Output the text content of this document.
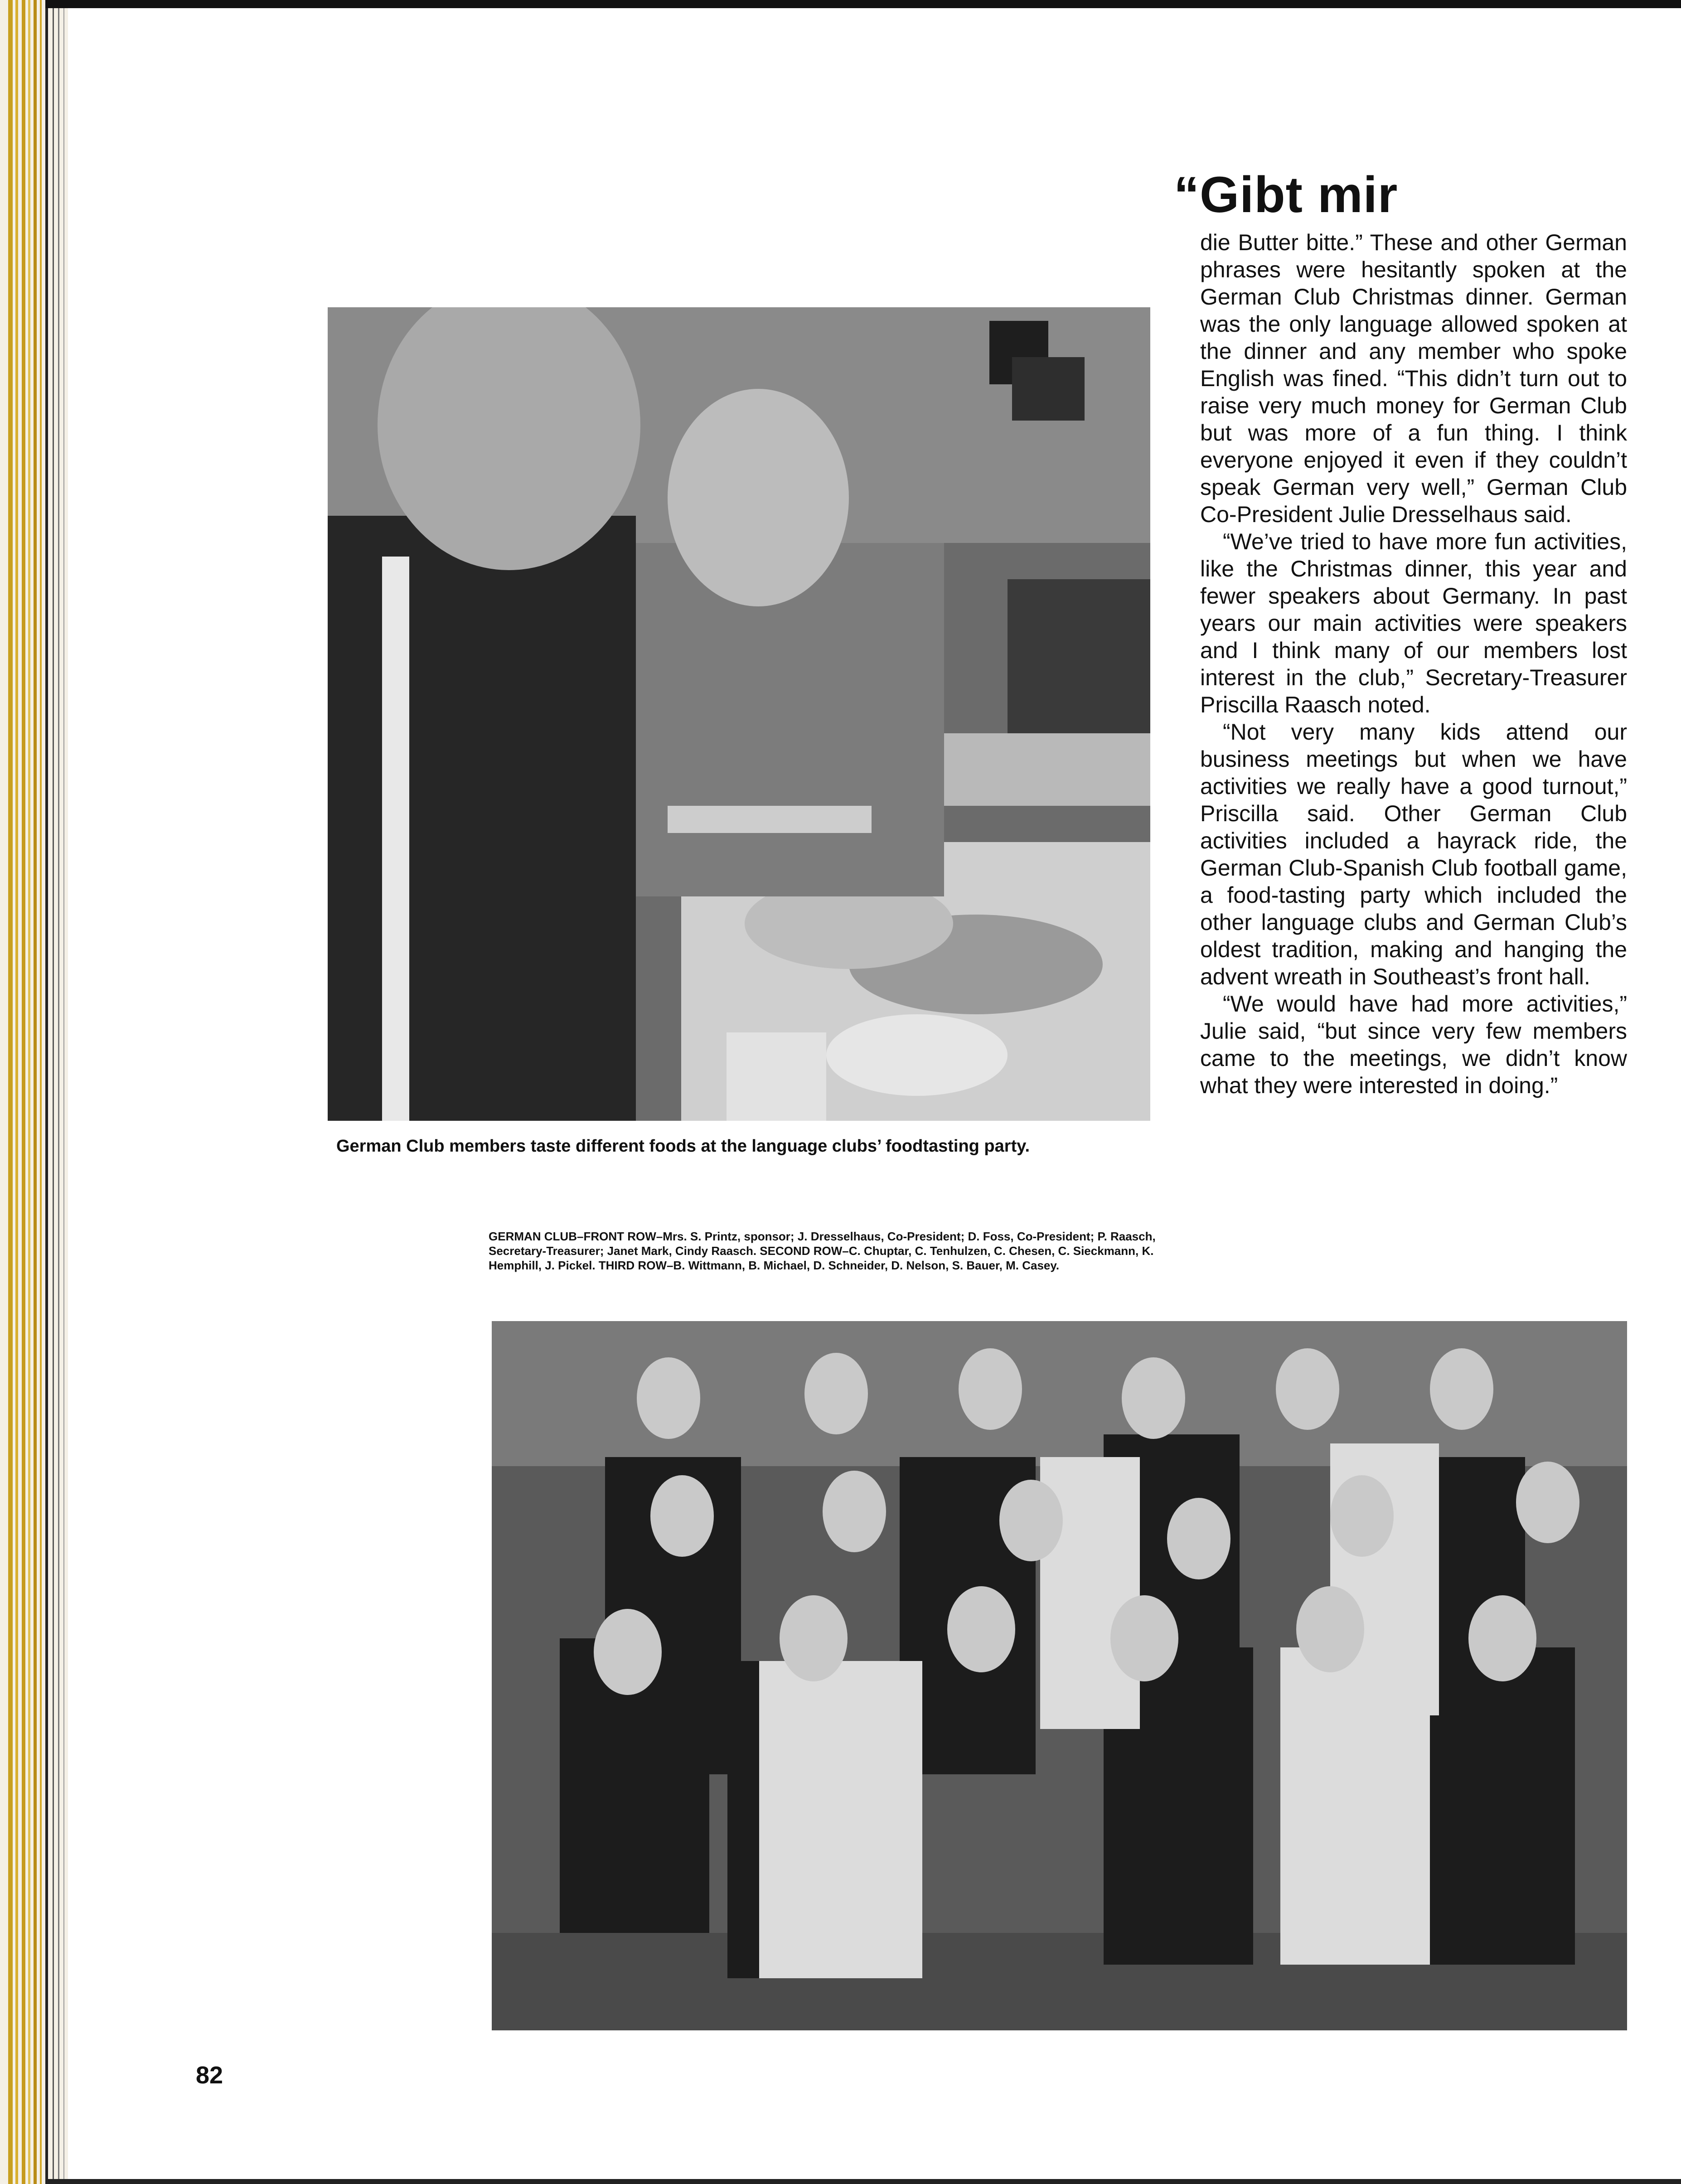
German Club members taste different foods at the language clubs’ foodtasting party.
“Gibt mir

die Butter bitte.” These and other German phrases were hesitantly spoken at the German Club Christmas dinner. German was the only language allowed spoken at the dinner and any member who spoke English was fined. “This didn’t turn out to raise very much money for German Club but was more of a fun thing. I think everyone enjoyed it even if they couldn’t speak German very well,” German Club Co-President Julie Dresselhaus said.

“We’ve tried to have more fun activities, like the Christmas dinner, this year and fewer speakers about Germany. In past years our main activities were speakers and I think many of our members lost interest in the club,” Secretary-Treasurer Priscilla Raasch noted.

“Not very many kids attend our business meetings but when we have activities we really have a good turnout,” Priscilla said. Other German Club activities included a hayrack ride, the German Club-Spanish Club football game, a food-tasting party which included the other language clubs and German Club’s oldest tradition, making and hanging the advent wreath in Southeast’s front hall.

“We would have had more activities,” Julie said, “but since very few members came to the meetings, we didn’t know what they were interested in doing.”

GERMAN CLUB–FRONT ROW–Mrs. S. Printz, sponsor; J. Dresselhaus, Co-President; D. Foss, Co-President; P. Raasch, Secretary-Treasurer; Janet Mark, Cindy Raasch. SECOND ROW–C. Chuptar, C. Tenhulzen, C. Chesen, C. Sieckmann, K. Hemphill, J. Pickel. THIRD ROW–B. Wittmann, B. Michael, D. Schneider, D. Nelson, S. Bauer, M. Casey.
82
